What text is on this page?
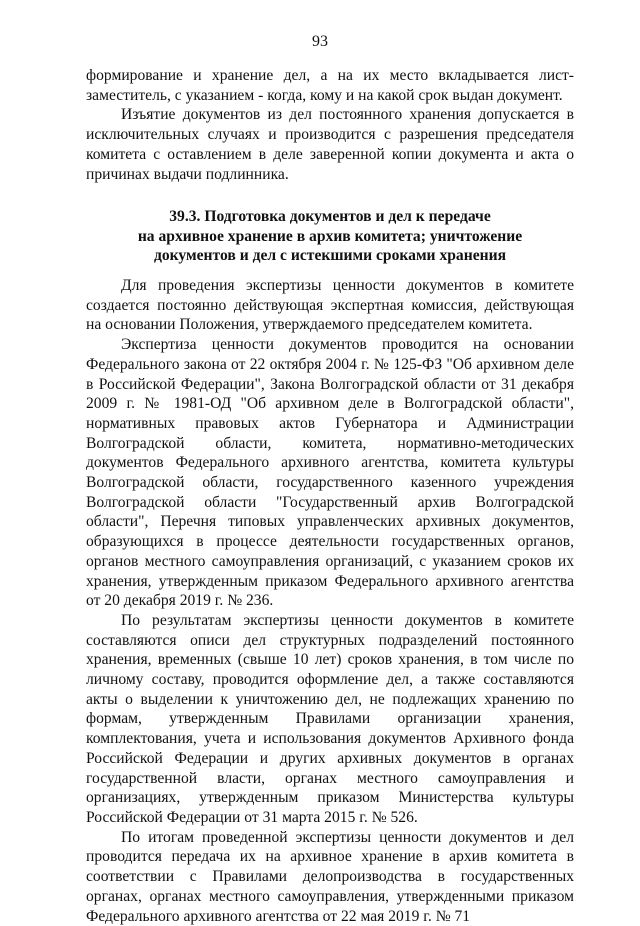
93

формирование и хранение дел, а на их место вкладывается лист-заместитель, с указанием - когда, кому и на какой срок выдан документ.

Изъятие документов из дел постоянного хранения допускается в исключительных случаях и производится с разрешения председателя комитета с оставлением в деле заверенной копии документа и акта о причинах выдачи подлинника.

39.3. Подготовка документов и дел к передаче
на архивное хранение в архив комитета; уничтожение
документов и дел с истекшими сроками хранения

Для проведения экспертизы ценности документов в комитете создается постоянно действующая экспертная комиссия, действующая на основании Положения, утверждаемого председателем комитета.

Экспертиза ценности документов проводится на основании Федерального закона от 22 октября 2004 г. № 125-ФЗ "Об архивном деле в Российской Федерации", Закона Волгоградской области от 31 декабря 2009 г. № 1981-ОД "Об архивном деле в Волгоградской области", нормативных правовых актов Губернатора и Администрации Волгоградской области, комитета, нормативно-методических документов Федерального архивного агентства, комитета культуры Волгоградской области, государственного казенного учреждения Волгоградской области "Государственный архив Волгоградской области", Перечня типовых управленческих архивных документов, образующихся в процессе деятельности государственных органов, органов местного самоуправления организаций, с указанием сроков их хранения, утвержденным приказом Федерального архивного агентства от 20 декабря 2019 г. № 236.

По результатам экспертизы ценности документов в комитете составляются описи дел структурных подразделений постоянного хранения, временных (свыше 10 лет) сроков хранения, в том числе по личному составу, проводится оформление дел, а также составляются акты о выделении к уничтожению дел, не подлежащих хранению по формам, утвержденным Правилами организации хранения, комплектования, учета и использования документов Архивного фонда Российской Федерации и других архивных документов в органах государственной власти, органах местного самоуправления и организациях, утвержденным приказом Министерства культуры Российской Федерации от 31 марта 2015 г. № 526.

По итогам проведенной экспертизы ценности документов и дел проводится передача их на архивное хранение в архив комитета в соответствии с Правилами делопроизводства в государственных органах, органах местного самоуправления, утвержденными приказом Федерального архивного агентства от 22 мая 2019 г. № 71
